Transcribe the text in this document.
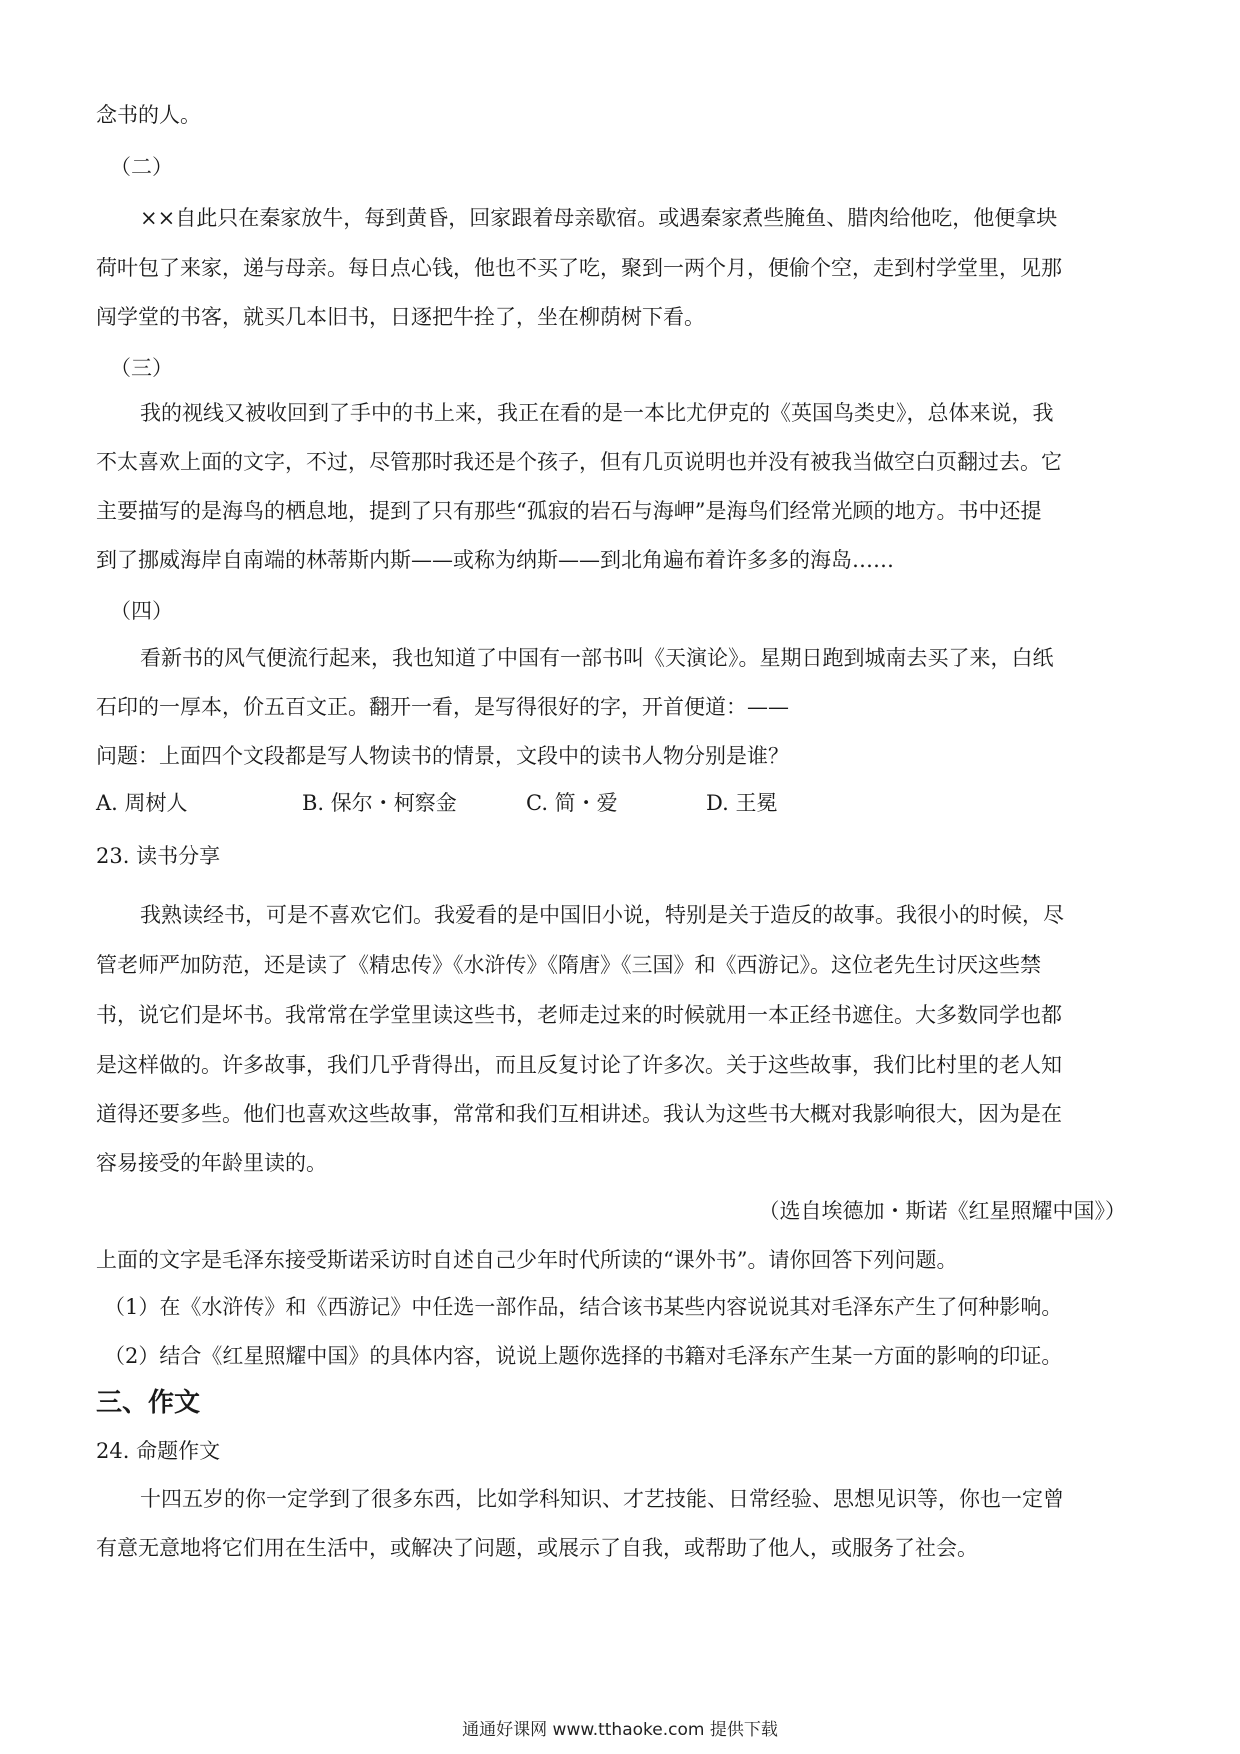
念书的人。
（二）
××自此只在秦家放牛，每到黄昏，回家跟着母亲歇宿。或遇秦家煮些腌鱼、腊肉给他吃，他便拿块
荷叶包了来家，递与母亲。每日点心钱，他也不买了吃，聚到一两个月，便偷个空，走到村学堂里，见那
闯学堂的书客，就买几本旧书，日逐把牛拴了，坐在柳荫树下看。
（三）
我的视线又被收回到了手中的书上来，我正在看的是一本比尤伊克的《英国鸟类史》，总体来说，我
不太喜欢上面的文字，不过，尽管那时我还是个孩子，但有几页说明也并没有被我当做空白页翻过去。它
主要描写的是海鸟的栖息地，提到了只有那些“孤寂的岩石与海岬”是海鸟们经常光顾的地方。书中还提
到了挪威海岸自南端的林蒂斯内斯——或称为纳斯——到北角遍布着许多多的海岛……
（四）
看新书的风气便流行起来，我也知道了中国有一部书叫《天演论》。星期日跑到城南去买了来，白纸
石印的一厚本，价五百文正。翻开一看，是写得很好的字，开首便道：——
问题：上面四个文段都是写人物读书的情景，文段中的读书人物分别是谁？
A. 周树人	B. 保尔・柯察金	C. 简・爱	D. 王冕
23. 读书分享
我熟读经书，可是不喜欢它们。我爱看的是中国旧小说，特别是关于造反的故事。我很小的时候，尽
管老师严加防范，还是读了《精忠传》《水浒传》《隋唐》《三国》和《西游记》。这位老先生讨厌这些禁
书，说它们是坏书。我常常在学堂里读这些书，老师走过来的时候就用一本正经书遮住。大多数同学也都
是这样做的。许多故事，我们几乎背得出，而且反复讨论了许多次。关于这些故事，我们比村里的老人知
道得还要多些。他们也喜欢这些故事，常常和我们互相讲述。我认为这些书大概对我影响很大，因为是在
容易接受的年龄里读的。
（选自埃德加・斯诺《红星照耀中国》）
上面的文字是毛泽东接受斯诺采访时自述自己少年时代所读的“课外书”。请你回答下列问题。
（1）在《水浒传》和《西游记》中任选一部作品，结合该书某些内容说说其对毛泽东产生了何种影响。
（2）结合《红星照耀中国》的具体内容，说说上题你选择的书籍对毛泽东产生某一方面的影响的印证。
三、作文
24. 命题作文
十四五岁的你一定学到了很多东西，比如学科知识、才艺技能、日常经验、思想见识等，你也一定曾
有意无意地将它们用在生活中，或解决了问题，或展示了自我，或帮助了他人，或服务了社会。
通通好课网 www.tthaoke.com 提供下载
